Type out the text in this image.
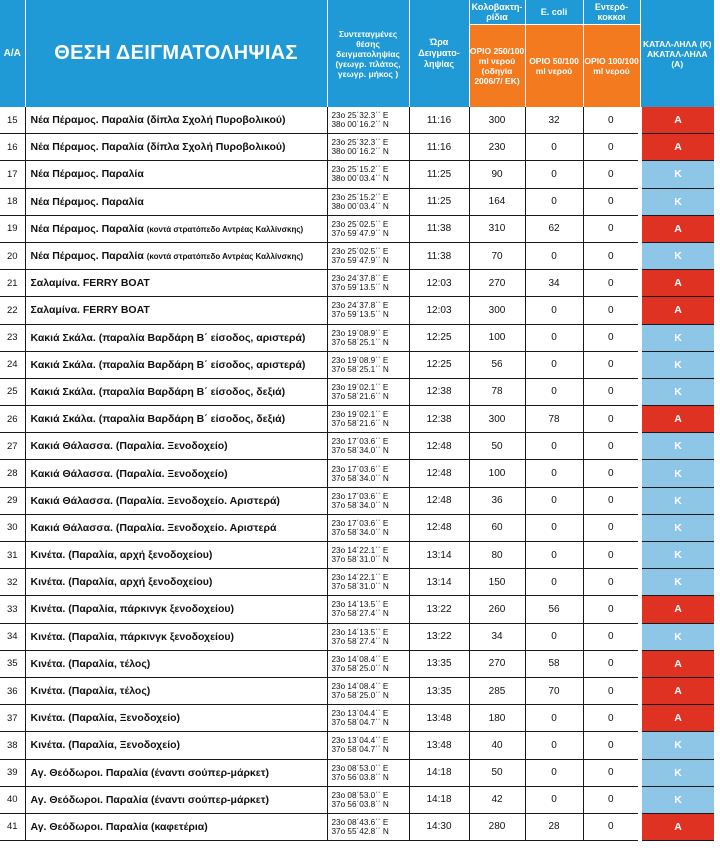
Α/Α	ΘΕΣΗ ΔΕΙΓΜΑΤΟΛΗΨΙΑΣ	Συντεταγμένες θέσης δειγματοληψίας (γεωγρ. πλάτος, γεωγρ. μήκος )	Ώρα Δειγματο-ληψίας	Κολοβακτη-ρίδια	E. coli	Εντερό-κοκκοι	ΚΑΤΑΛ-ΛΗΛΑ (Κ) ΑΚΑΤΑΛ-ΛΗΛΑ (Α)
				ΟΡΙΟ 250/100 ml νερού (οδηγία 2006/7/ ΕΚ)	ΟΡΙΟ 50/100 ml νερού	ΟΡΙΟ 100/100 ml νερού	
15	Νέα Πέραμος. Παραλία (δίπλα Σχολή Πυροβολικού)	23o 25΄32.3΄΄ E
38o 00΄16.2΄΄ N	11:16	300	32	0	A
16	Νέα Πέραμος. Παραλία (δίπλα Σχολή Πυροβολικού)	23o 25΄32.3΄΄ E
38o 00΄16.2΄΄ N	11:16	230	0	0	A
17	Νέα Πέραμος. Παραλία	23o 25΄15.2΄΄ E
38o 00΄03.4΄΄ N	11:25	90	0	0	K
18	Νέα Πέραμος. Παραλία	23o 25΄15.2΄΄ E
38o 00΄03.4΄΄ N	11:25	164	0	0	K
19	Νέα Πέραμος. Παραλία (κοντά στρατόπεδο Αντρέας Καλλίνσκης)	23o 25΄02.5΄΄ E
37o 59΄47.9΄΄ N	11:38	310	62	0	A
20	Νέα Πέραμος. Παραλία (κοντά στρατόπεδο Αντρέας Καλλίνσκης)	23o 25΄02.5΄΄ E
37o 59΄47.9΄΄ N	11:38	70	0	0	K
21	Σαλαμίνα. FERRY BOAT	23o 24΄37.8΄΄ E
37o 59΄13.5΄΄ N	12:03	270	34	0	A
22	Σαλαμίνα. FERRY BOAT	23o 24΄37.8΄΄ E
37o 59΄13.5΄΄ N	12:03	300	0	0	A
23	Κακιά Σκάλα. (παραλία Βαρδάρη Β΄ είσοδος, αριστερά)	23o 19΄08.9΄΄ E
37o 58΄25.1΄΄ N	12:25	100	0	0	K
24	Κακιά Σκάλα. (παραλία Βαρδάρη Β΄ είσοδος, αριστερά)	23o 19΄08.9΄΄ E
37o 58΄25.1΄΄ N	12:25	56	0	0	K
25	Κακιά Σκάλα. (παραλία Βαρδάρη Β΄ είσοδος, δεξιά)	23o 19΄02.1΄΄ E
37o 58΄21.6΄΄ N	12:38	78	0	0	K
26	Κακιά Σκάλα. (παραλία Βαρδάρη Β΄ είσοδος, δεξιά)	23o 19΄02.1΄΄ E
37o 58΄21.6΄΄ N	12:38	300	78	0	A
27	Κακιά Θάλασσα. (Παραλία. Ξενοδοχείο)	23o 17΄03.6΄΄ E
37o 58΄34.0΄΄ N	12:48	50	0	0	K
28	Κακιά Θάλασσα. (Παραλία. Ξενοδοχείο)	23o 17΄03.6΄΄ E
37o 58΄34.0΄΄ N	12:48	100	0	0	K
29	Κακιά Θάλασσα. (Παραλία. Ξενοδοχείο. Αριστερά)	23o 17΄03.6΄΄ E
37o 58΄34.0΄΄ N	12:48	36	0	0	K
30	Κακιά Θάλασσα. (Παραλία. Ξενοδοχείο. Αριστερά	23o 17΄03.6΄΄ E
37o 58΄34.0΄΄ N	12:48	60	0	0	K
31	Κινέτα. (Παραλία, αρχή ξενοδοχείου)	23o 14΄22.1΄΄ E
37o 58΄31.0΄΄ N	13:14	80	0	0	K
32	Κινέτα. (Παραλία, αρχή ξενοδοχείου)	23o 14΄22.1΄΄ E
37o 58΄31.0΄΄ N	13:14	150	0	0	K
33	Κινέτα. (Παραλία, πάρκινγκ ξενοδοχείου)	23o 14΄13.5΄΄ E
37o 58΄27.4΄΄ N	13:22	260	56	0	A
34	Κινέτα. (Παραλία, πάρκινγκ ξενοδοχείου)	23o 14΄13.5΄΄ E
37o 58΄27.4΄΄ N	13:22	34	0	0	K
35	Κινέτα. (Παραλία, τέλος)	23o 14΄08.4΄΄ E
37o 58΄25.0΄΄ N	13:35	270	58	0	A
36	Κινέτα. (Παραλία, τέλος)	23o 14΄08.4΄΄ E
37o 58΄25.0΄΄ N	13:35	285	70	0	A
37	Κινέτα. (Παραλία, Ξενοδοχείο)	23o 13΄04.4΄΄ E
37o 58΄04.7΄΄ N	13:48	180	0	0	A
38	Κινέτα. (Παραλία, Ξενοδοχείο)	23o 13΄04.4΄΄ E
37o 58΄04.7΄΄ N	13:48	40	0	0	K
39	Αγ. Θεόδωροι. Παραλία (έναντι σούπερ-μάρκετ)	23o 08΄53.0΄΄ E
37o 56΄03.8΄΄ N	14:18	50	0	0	K
40	Αγ. Θεόδωροι. Παραλία (έναντι σούπερ-μάρκετ)	23o 08΄53.0΄΄ E
37o 56΄03.8΄΄ N	14:18	42	0	0	K
41	Αγ. Θεόδωροι. Παραλία (καφετέρια)	23o 08΄43.6΄΄ E
37o 55΄42.8΄΄ N	14:30	280	28	0	A
